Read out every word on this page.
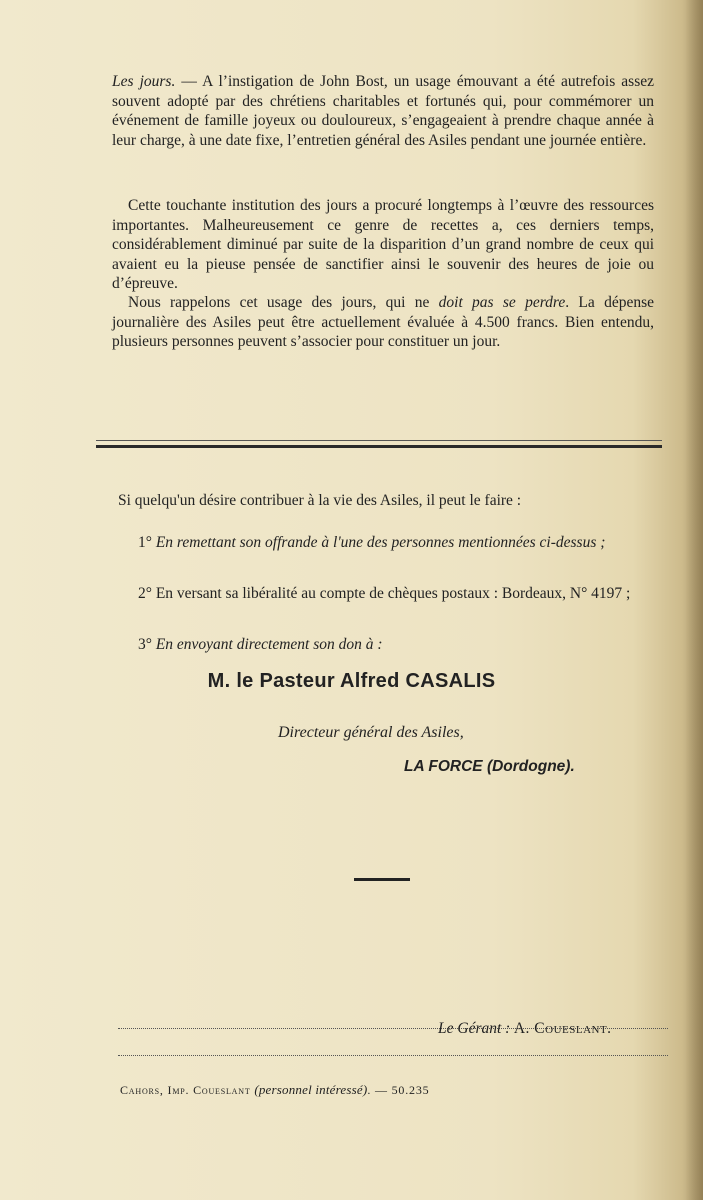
Les jours. — A l’instigation de John Bost, un usage émouvant a été autrefois assez souvent adopté par des chrétiens charitables et fortunés qui, pour commémorer un événement de famille joyeux ou douloureux, s’engageaient à prendre chaque année à leur charge, à une date fixe, l’entretien général des Asiles pendant une journée entière.

Cette touchante institution des jours a procuré longtemps à l’œuvre des ressources importantes. Malheureusement ce genre de recettes a, ces derniers temps, considérablement diminué par suite de la disparition d’un grand nombre de ceux qui avaient eu la pieuse pensée de sanctifier ainsi le souvenir des heures de joie ou d’épreuve.

Nous rappelons cet usage des jours, qui ne doit pas se perdre. La dépense journalière des Asiles peut être actuellement évaluée à 4.500 francs. Bien entendu, plusieurs personnes peuvent s’associer pour constituer un jour.

Si quelqu'un désire contribuer à la vie des Asiles, il peut le faire :

1° En remettant son offrande à l'une des personnes mentionnées ci-dessus ;

2° En versant sa libéralité au compte de chèques postaux : Bordeaux, N° 4197 ;

3° En envoyant directement son don à :

M. le Pasteur Alfred CASALIS
Directeur général des Asiles,
LA FORCE (Dordogne).
Le Gérant : A. Coueslant.
Cahors, Imp. Coueslant (personnel intéressé). — 50.235
